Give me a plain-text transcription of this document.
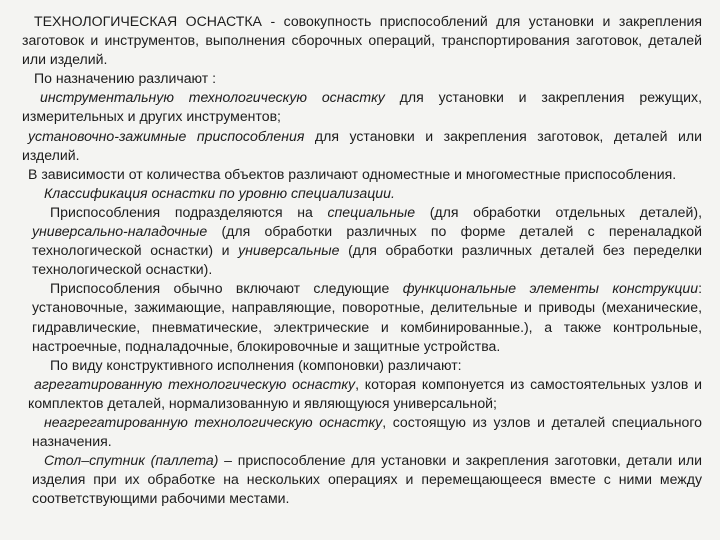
ТЕХНОЛОГИЧЕСКАЯ ОСНАСТКА - совокупность приспособлений для установки и закрепления заготовок и инструментов, выполнения сборочных операций, транспортирования заготовок, деталей или изделий.

По назначению различают :

инструментальную технологическую оснастку для установки и закрепления режущих, измерительных и других инструментов;

установочно-зажимные приспособления для установки и закрепления заготовок, деталей или изделий.

В зависимости от количества объектов различают одноместные и многоместные приспособления.

Классификация оснастки по уровню специализации.

Приспособления подразделяются на специальные (для обработки отдельных деталей), универсально-наладочные (для обработки различных по форме деталей с переналадкой технологической оснастки) и универсальные (для обработки различных деталей без переделки технологической оснастки).

Приспособления обычно включают следующие функциональные элементы конструкции: установочные, зажимающие, направляющие, поворотные, делительные и приводы (механические, гидравлические, пневматические, электрические и комбинированные.), а также контрольные, настроечные, подналадочные, блокировочные и защитные устройства.

По виду конструктивного исполнения (компоновки) различают:

агрегатированную технологическую оснастку, которая компонуется из самостоятельных узлов и комплектов деталей, нормализованную и являющуюся универсальной;

неагрегатированную технологическую оснастку, состоящую из узлов и деталей специального назначения.

Стол–спутник (паллета) – приспособление для установки и закрепления заготовки, детали или изделия при их обработке на нескольких операциях и перемещающееся вместе с ними между соответствующими рабочими местами.
